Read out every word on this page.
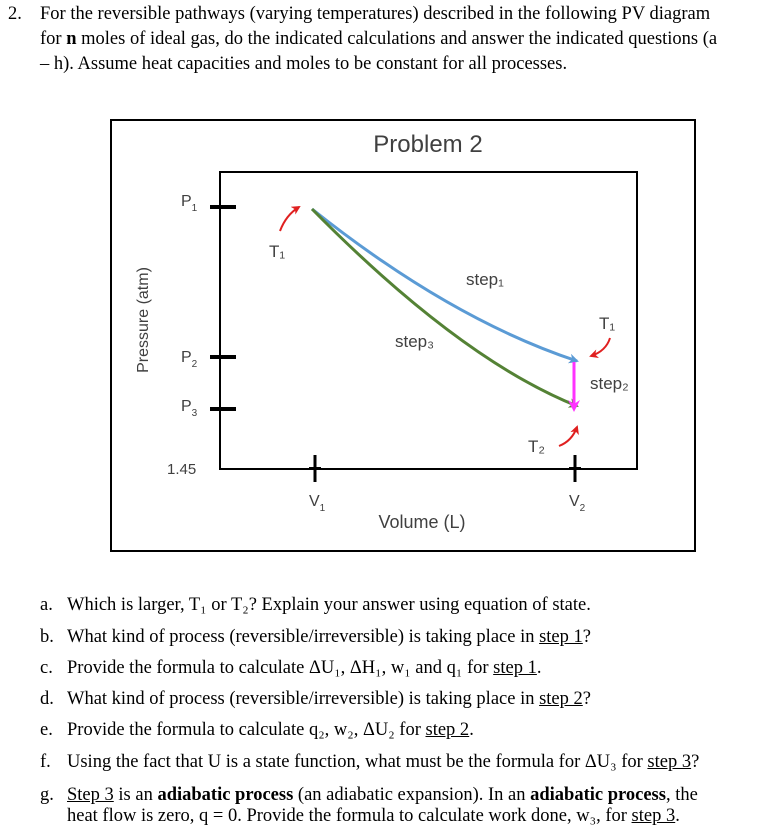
2. For the reversible pathways (varying temperatures) described in the following PV diagram
for n moles of ideal gas, do the indicated calculations and answer the indicated questions (a
– h). Assume heat capacities and moles to be constant for all processes.
Problem 2
Pressure (atm)
Volume (L)
$P_1$
$P_2$
$P_3$
1.45
$V_1$	$V_2$
T₁
step₁
step₃
T₁
step₂
T₂
a. Which is larger, T₁ or T₂? Explain your answer using equation of state.
b. What kind of process (reversible/irreversible) is taking place in step 1?
c. Provide the formula to calculate ΔU₁, ΔH₁, w₁ and q₁ for step 1.
d. What kind of process (reversible/irreversible) is taking place in step 2?
e. Provide the formula to calculate q₂, w₂, ΔU₂ for step 2.
f. Using the fact that U is a state function, what must be the formula for ΔU₃ for step 3?
g. Step 3 is an adiabatic process (an adiabatic expansion). In an adiabatic process, the
heat flow is zero, q = 0. Provide the formula to calculate work done, w₃, for step 3.
